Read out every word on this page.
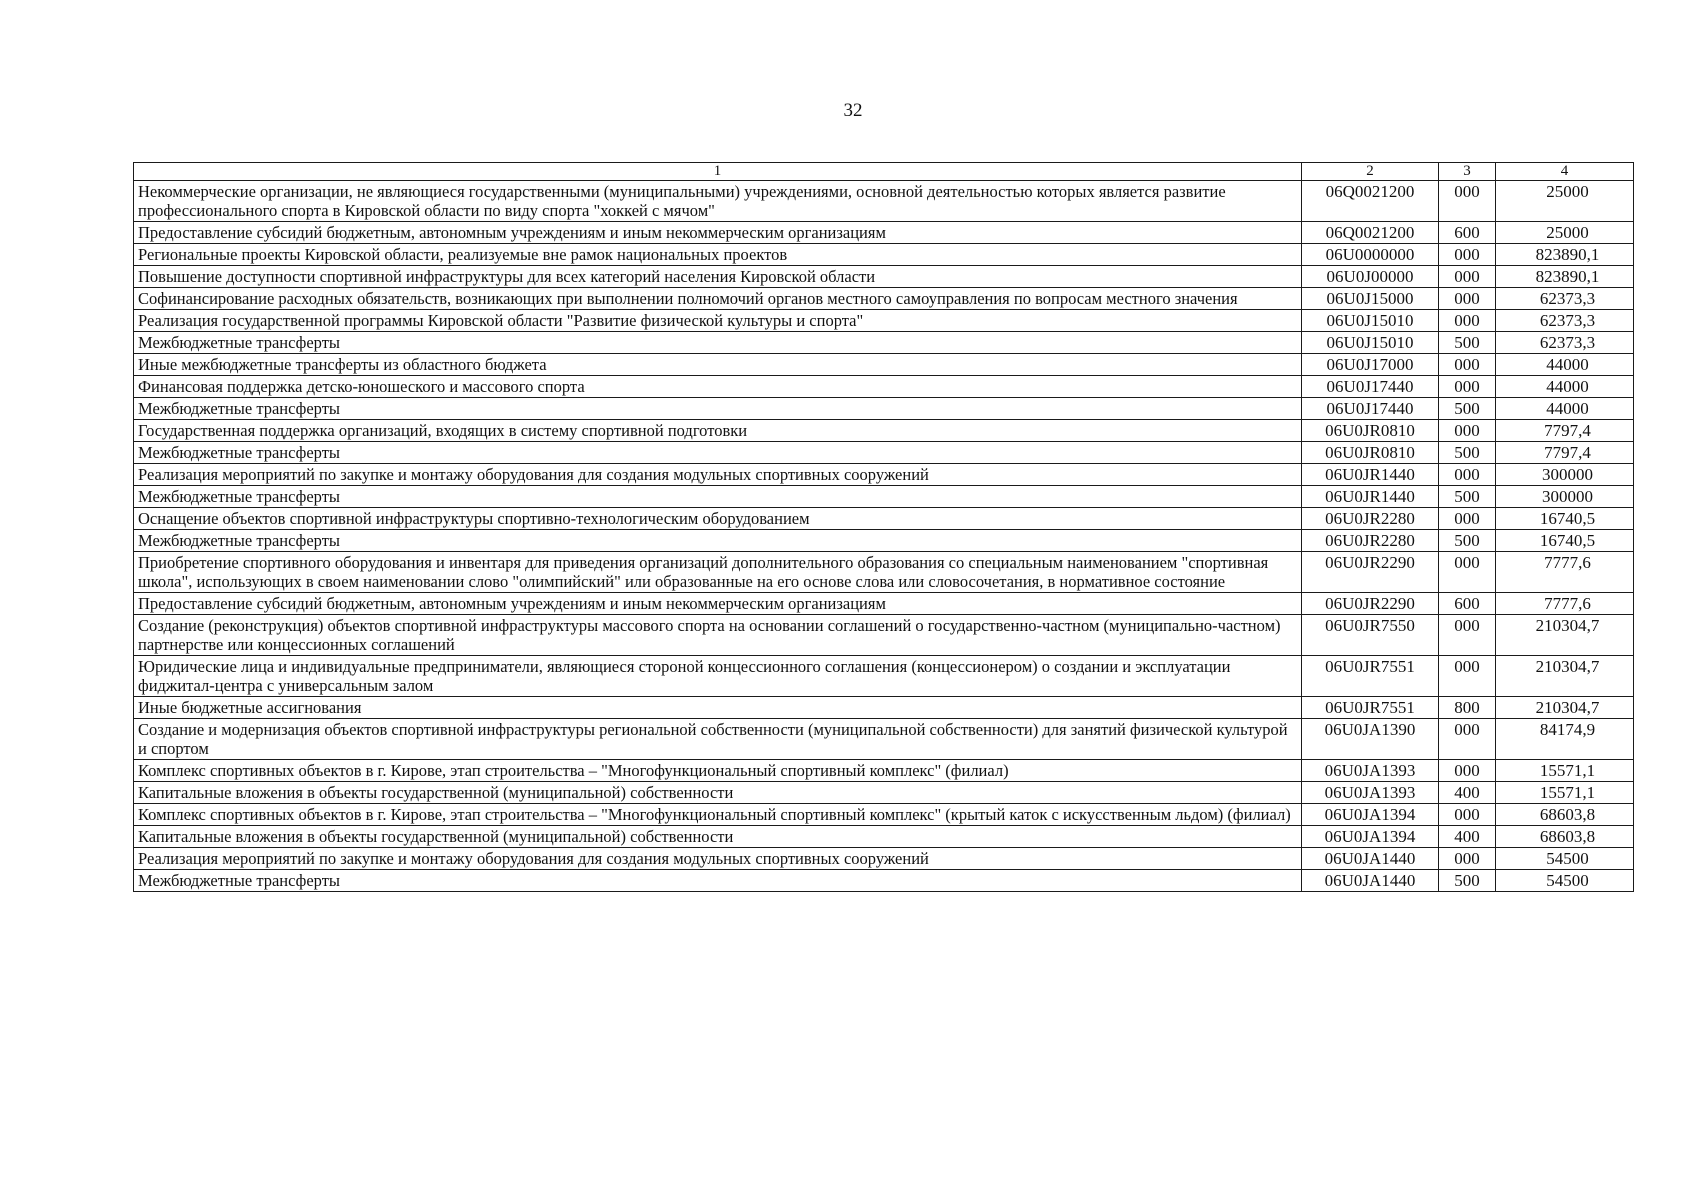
32
1	2	3	4
Некоммерческие организации, не являющиеся государственными (муниципальными) учреждениями, основной деятельностью которых является развитие профессионального спорта в Кировской области по виду спорта "хоккей с мячом"	06Q0021200	000	25000
Предоставление субсидий бюджетным, автономным учреждениям и иным некоммерческим организациям	06Q0021200	600	25000
Региональные проекты Кировской области, реализуемые вне рамок национальных проектов	06U0000000	000	823890,1
Повышение доступности спортивной инфраструктуры для всех категорий населения Кировской области	06U0J00000	000	823890,1
Софинансирование расходных обязательств, возникающих при выполнении полномочий органов местного самоуправления по вопросам местного значения	06U0J15000	000	62373,3
Реализация государственной программы Кировской области "Развитие физической культуры и спорта"	06U0J15010	000	62373,3
Межбюджетные трансферты	06U0J15010	500	62373,3
Иные межбюджетные трансферты из областного бюджета	06U0J17000	000	44000
Финансовая поддержка детско-юношеского и массового спорта	06U0J17440	000	44000
Межбюджетные трансферты	06U0J17440	500	44000
Государственная поддержка организаций, входящих в систему спортивной подготовки	06U0JR0810	000	7797,4
Межбюджетные трансферты	06U0JR0810	500	7797,4
Реализация мероприятий по закупке и монтажу оборудования для создания модульных спортивных сооружений	06U0JR1440	000	300000
Межбюджетные трансферты	06U0JR1440	500	300000
Оснащение объектов спортивной инфраструктуры спортивно-технологическим оборудованием	06U0JR2280	000	16740,5
Межбюджетные трансферты	06U0JR2280	500	16740,5
Приобретение спортивного оборудования и инвентаря для приведения организаций дополнительного образования со специальным наименованием "спортивная школа", использующих в своем наименовании слово "олимпийский" или образованные на его основе слова или словосочетания, в нормативное состояние	06U0JR2290	000	7777,6
Предоставление субсидий бюджетным, автономным учреждениям и иным некоммерческим организациям	06U0JR2290	600	7777,6
Создание (реконструкция) объектов спортивной инфраструктуры массового спорта на основании соглашений о государственно-частном (муниципально-частном) партнерстве или концессионных соглашений	06U0JR7550	000	210304,7
Юридические лица и индивидуальные предприниматели, являющиеся стороной концессионного соглашения (концессионером) о создании и эксплуатации фиджитал-центра с универсальным залом	06U0JR7551	000	210304,7
Иные бюджетные ассигнования	06U0JR7551	800	210304,7
Создание и модернизация объектов спортивной инфраструктуры региональной собственности (муниципальной собственности) для занятий физической культурой и спортом	06U0JA1390	000	84174,9
Комплекс спортивных объектов в г. Кирове, этап строительства – "Многофункциональный спортивный комплекс" (филиал)	06U0JA1393	000	15571,1
Капитальные вложения в объекты государственной (муниципальной) собственности	06U0JA1393	400	15571,1
Комплекс спортивных объектов в г. Кирове, этап строительства – "Многофункциональный спортивный комплекс" (крытый каток с искусственным льдом) (филиал)	06U0JA1394	000	68603,8
Капитальные вложения в объекты государственной (муниципальной) собственности	06U0JA1394	400	68603,8
Реализация мероприятий по закупке и монтажу оборудования для создания модульных спортивных сооружений	06U0JA1440	000	54500
Межбюджетные трансферты	06U0JA1440	500	54500
